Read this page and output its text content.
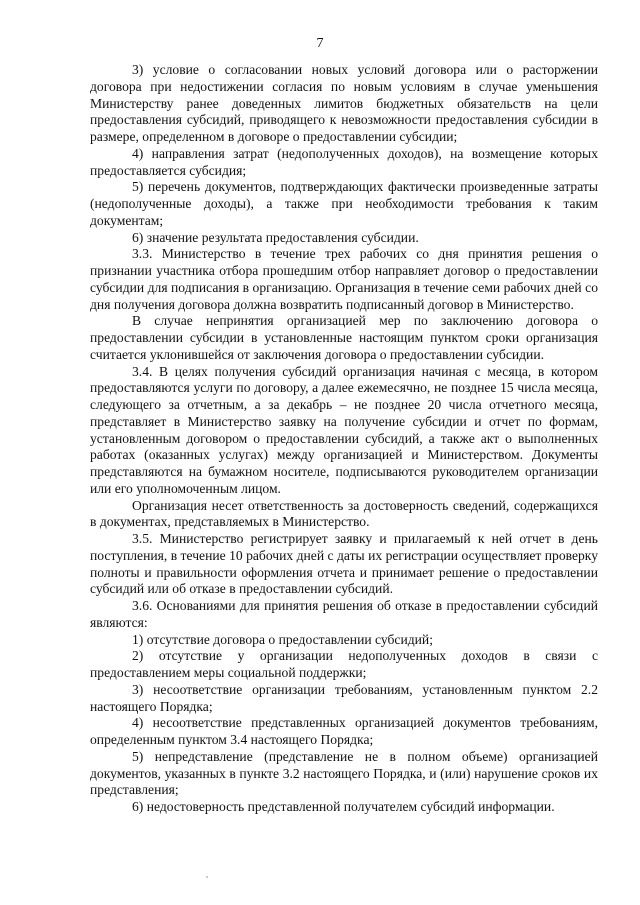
7

3) условие о согласовании новых условий договора или о расторжении договора при недостижении согласия по новым условиям в случае уменьшения Министерству ранее доведенных лимитов бюджетных обязательств на цели предоставления субсидий, приводящего к невозможности предоставления субсидии в размере, определенном в договоре о предоставлении субсидии;

4) направления затрат (недополученных доходов), на возмещение которых предоставляется субсидия;

5) перечень документов, подтверждающих фактически произведенные затраты (недополученные доходы), а также при необходимости требования к таким документам;

6) значение результата предоставления субсидии.

3.3. Министерство в течение трех рабочих со дня принятия решения о признании участника отбора прошедшим отбор направляет договор о предоставлении субсидии для подписания в организацию. Организация в течение семи рабочих дней со дня получения договора должна возвратить подписанный договор в Министерство.

В случае непринятия организацией мер по заключению договора о предоставлении субсидии в установленные настоящим пунктом сроки организация считается уклонившейся от заключения договора о предоставлении субсидии.

3.4. В целях получения субсидий организация начиная с месяца, в котором предоставляются услуги по договору, а далее ежемесячно, не позднее 15 числа месяца, следующего за отчетным, а за декабрь – не позднее 20 числа отчетного месяца, представляет в Министерство заявку на получение субсидии и отчет по формам, установленным договором о предоставлении субсидий, а также акт о выполненных работах (оказанных услугах) между организацией и Министерством. Документы представляются на бумажном носителе, подписываются руководителем организации или его уполномоченным лицом.

Организация несет ответственность за достоверность сведений, содержащихся в документах, представляемых в Министерство.

3.5. Министерство регистрирует заявку и прилагаемый к ней отчет в день поступления, в течение 10 рабочих дней с даты их регистрации осуществляет проверку полноты и правильности оформления отчета и принимает решение о предоставлении субсидий или об отказе в предоставлении субсидий.

3.6. Основаниями для принятия решения об отказе в предоставлении субсидий являются:

1) отсутствие договора о предоставлении субсидий;

2) отсутствие у организации недополученных доходов в связи с предоставлением меры социальной поддержки;

3) несоответствие организации требованиям, установленным пунктом 2.2 настоящего Порядка;

4) несоответствие представленных организацией документов требованиям, определенным пунктом 3.4 настоящего Порядка;

5) непредставление (представление не в полном объеме) организацией документов, указанных в пункте 3.2 настоящего Порядка, и (или) нарушение сроков их представления;

6) недостоверность представленной получателем субсидий информации.
